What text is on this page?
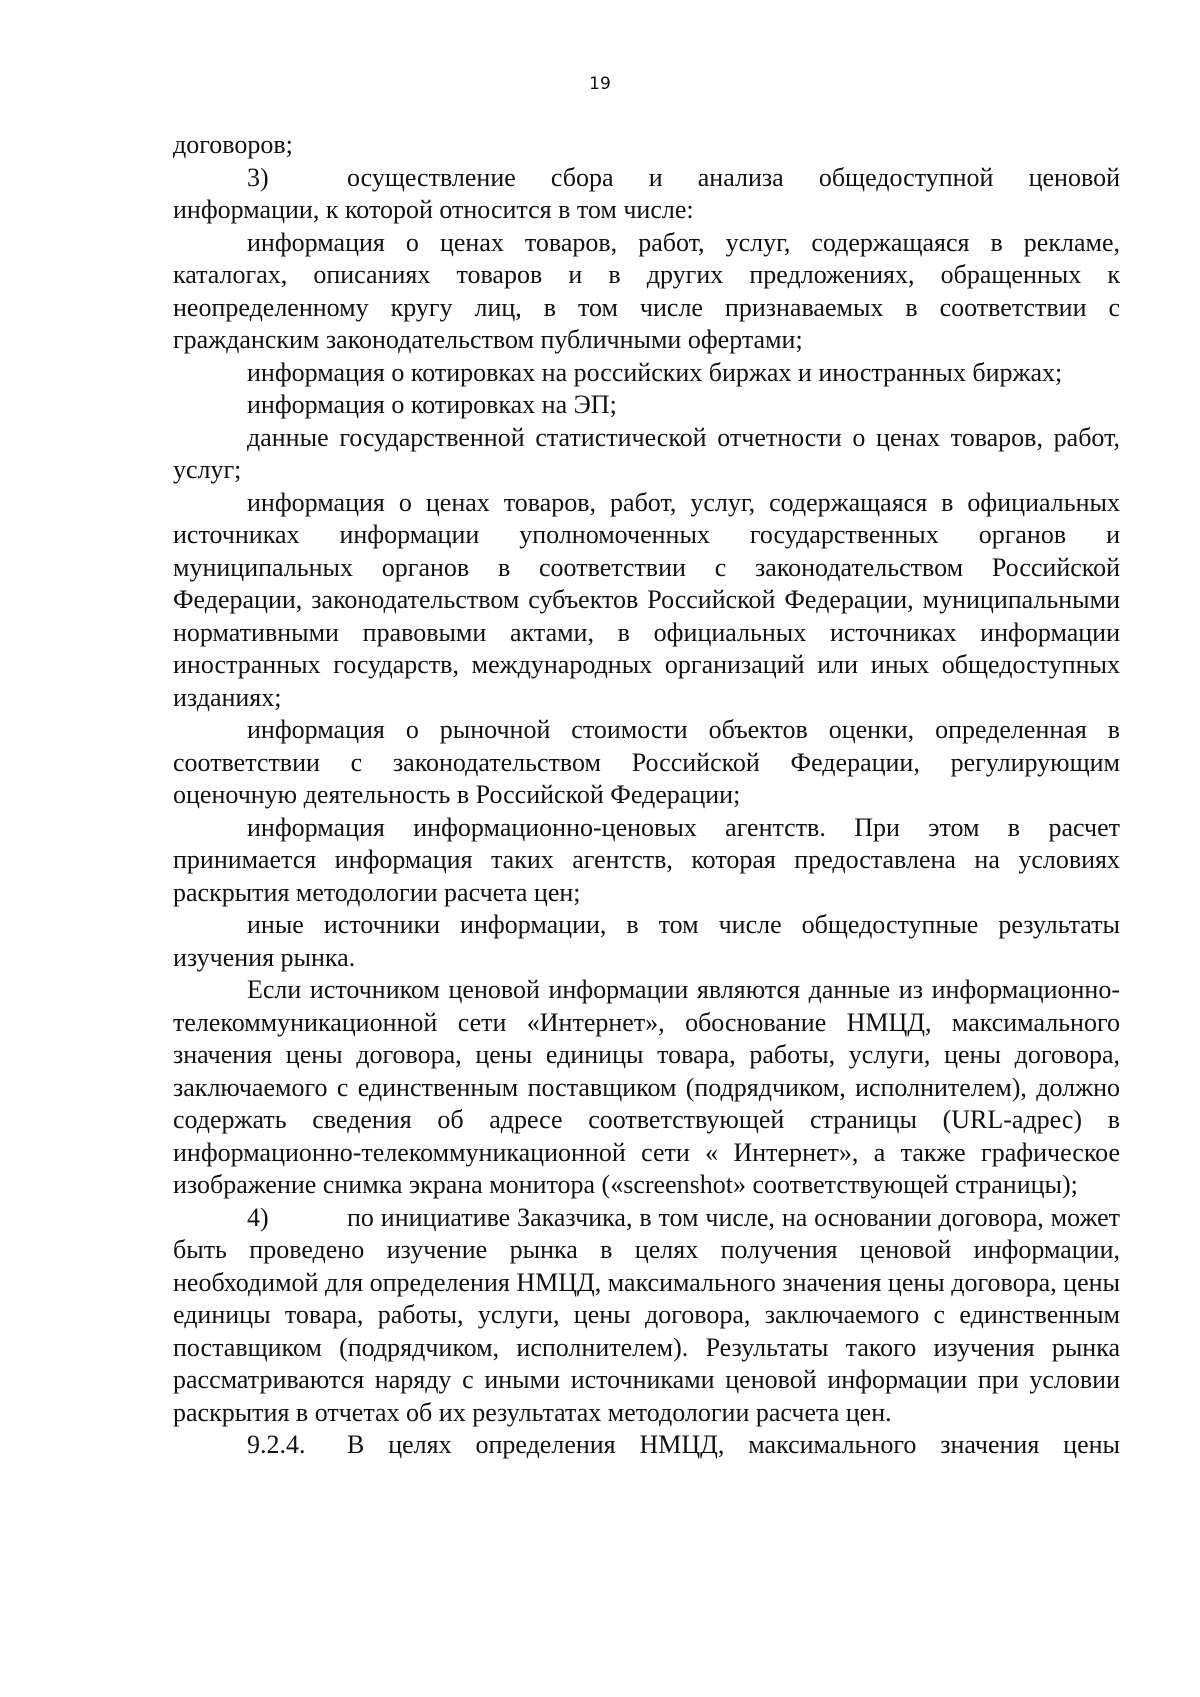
19

договоров;

3)	осуществление сбора и анализа общедоступной ценовой информации, к которой относится в том числе:

информация о ценах товаров, работ, услуг, содержащаяся в рекламе, каталогах, описаниях товаров и в других предложениях, обращенных к неопределенному кругу лиц, в том числе признаваемых в соответствии с гражданским законодательством публичными офертами;

информация о котировках на российских биржах и иностранных биржах;

информация о котировках на ЭП;

данные государственной статистической отчетности о ценах товаров, работ, услуг;

информация о ценах товаров, работ, услуг, содержащаяся в официальных источниках информации уполномоченных государственных органов и муниципальных органов в соответствии с законодательством Российской Федерации, законодательством субъектов Российской Федерации, муниципальными нормативными правовыми актами, в официальных источниках информации иностранных государств, международных организаций или иных общедоступных изданиях;

информация о рыночной стоимости объектов оценки, определенная в соответствии с законодательством Российской Федерации, регулирующим оценочную деятельность в Российской Федерации;

информация информационно-ценовых агентств. При этом в расчет принимается информация таких агентств, которая предоставлена на условиях раскрытия методологии расчета цен;

иные источники информации, в том числе общедоступные результаты изучения рынка.

Если источником ценовой информации являются данные из информационно-телекоммуникационной сети «Интернет», обоснование НМЦД, максимального значения цены договора, цены единицы товара, работы, услуги, цены договора, заключаемого с единственным поставщиком (подрядчиком, исполнителем), должно содержать сведения об адресе соответствующей страницы (URL-адрес) в информационно-телекоммуникационной сети « Интернет», а также графическое изображение снимка экрана монитора («screenshot» соответствующей страницы);

4)	по инициативе Заказчика, в том числе, на основании договора, может быть проведено изучение рынка в целях получения ценовой информации, необходимой для определения НМЦД, максимального значения цены договора, цены единицы товара, работы, услуги, цены договора, заключаемого с единственным поставщиком (подрядчиком, исполнителем). Результаты такого изучения рынка рассматриваются наряду с иными источниками ценовой информации при условии раскрытия в отчетах об их результатах методологии расчета цен.

9.2.4. В целях определения НМЦД, максимального значения цены
